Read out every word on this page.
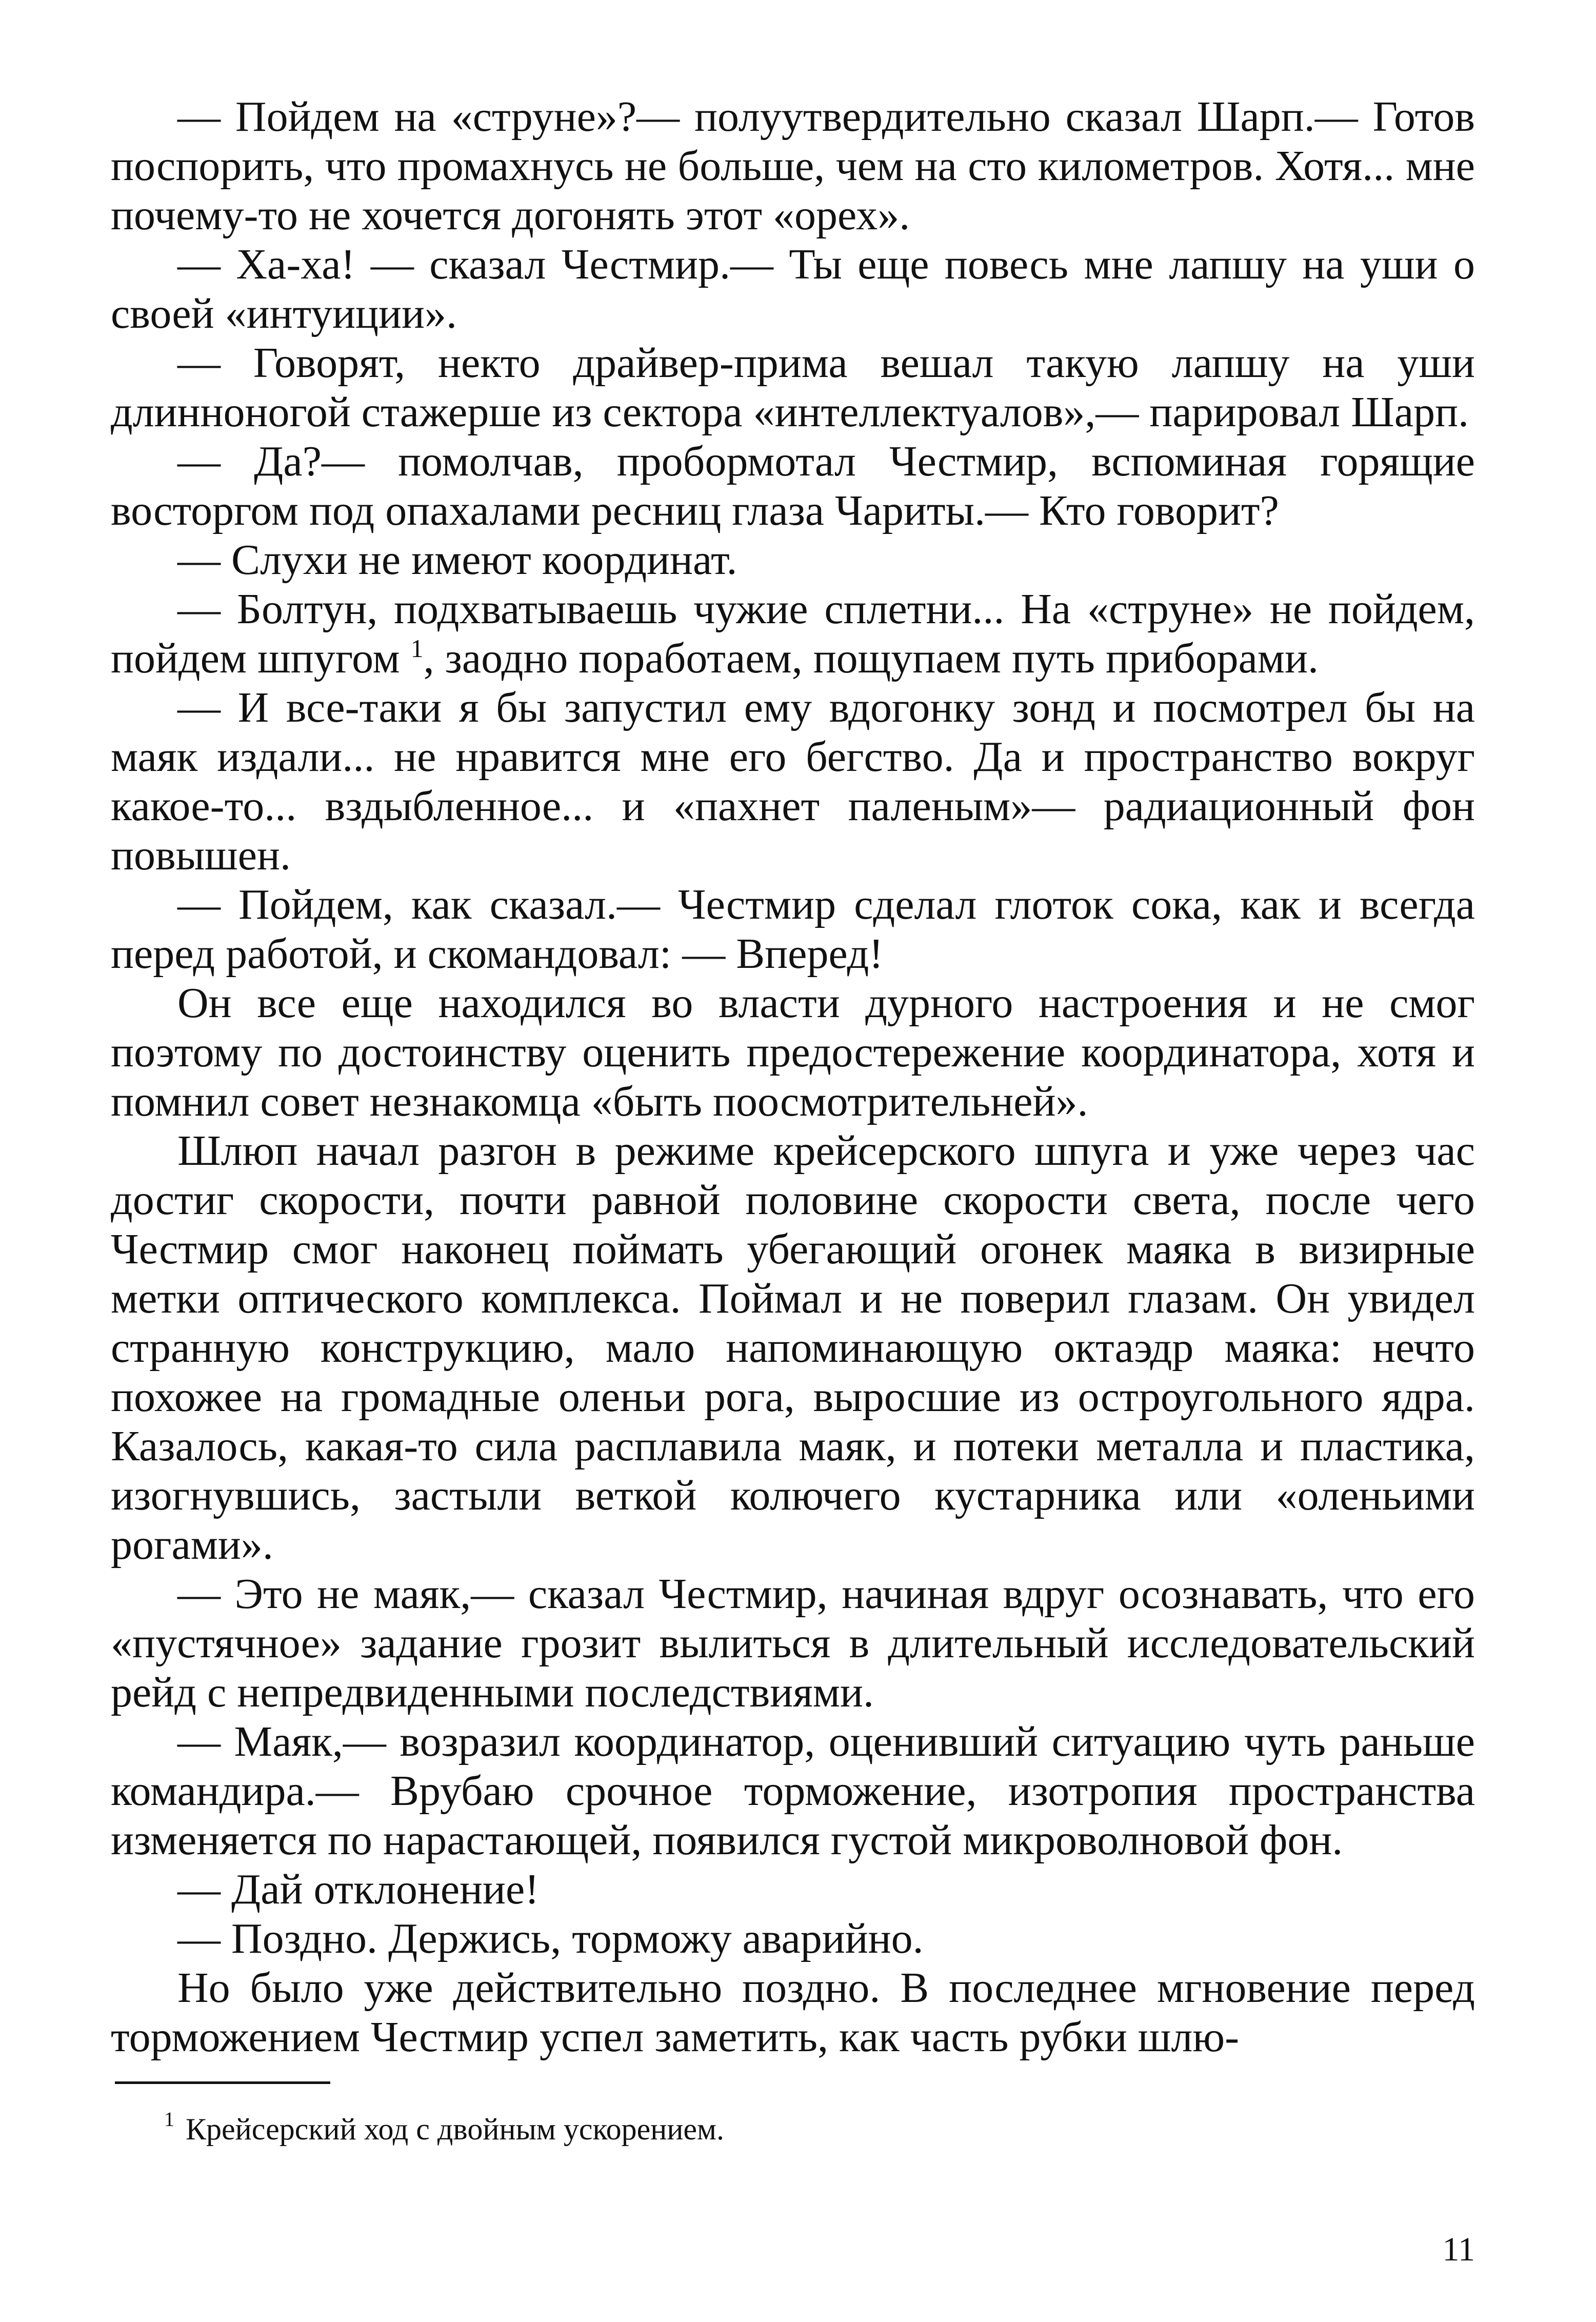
— Пойдем на «струне»?— полуутвердительно сказал Шарп.— Готов поспорить, что промахнусь не больше, чем на сто километров. Хотя... мне почему-то не хочется догонять этот «орех».

— Ха-ха! — сказал Честмир.— Ты еще повесь мне лапшу на уши о своей «интуиции».

— Говорят, некто драйвер-прима вешал такую лапшу на уши длинноногой стажерше из сектора «интеллектуалов»,— парировал Шарп.

— Да?— помолчав, пробормотал Честмир, вспоминая горящие восторгом под опахалами ресниц глаза Чариты.— Кто говорит?

— Слухи не имеют координат.

— Болтун, подхватываешь чужие сплетни... На «струне» не пойдем, пойдем шпугом $^1$, заодно поработаем, пощупаем путь приборами.

— И все-таки я бы запустил ему вдогонку зонд и посмотрел бы на маяк издали... не нравится мне его бегство. Да и пространство вокруг какое-то... вздыбленное... и «пахнет паленым»— радиационный фон повышен.

— Пойдем, как сказал.— Честмир сделал глоток сока, как и всегда перед работой, и скомандовал: — Вперед!

Он все еще находился во власти дурного настроения и не смог поэтому по достоинству оценить предостережение координатора, хотя и помнил совет незнакомца «быть поосмотрительней».

Шлюп начал разгон в режиме крейсерского шпуга и уже через час достиг скорости, почти равной половине скорости света, после чего Честмир смог наконец поймать убегающий огонек маяка в визирные метки оптического комплекса. Поймал и не поверил глазам. Он увидел странную конструкцию, мало напоминающую октаэдр маяка: нечто похожее на громадные оленьи рога, выросшие из остроугольного ядра. Казалось, какая-то сила расплавила маяк, и потеки металла и пластика, изогнувшись, застыли веткой колючего кустарника или «оленьими рогами».

— Это не маяк,— сказал Честмир, начиная вдруг осознавать, что его «пустячное» задание грозит вылиться в длительный исследовательский рейд с непредвиденными последствиями.

— Маяк,— возразил координатор, оценивший ситуацию чуть раньше командира.— Врубаю срочное торможение, изотропия пространства изменяется по нарастающей, появился густой микроволновой фон.

— Дай отклонение!

— Поздно. Держись, торможу аварийно.

Но было уже действительно поздно. В последнее мгновение перед торможением Честмир успел заметить, как часть рубки шлю-

$^1$ Крейсерский ход с двойным ускорением.

11
